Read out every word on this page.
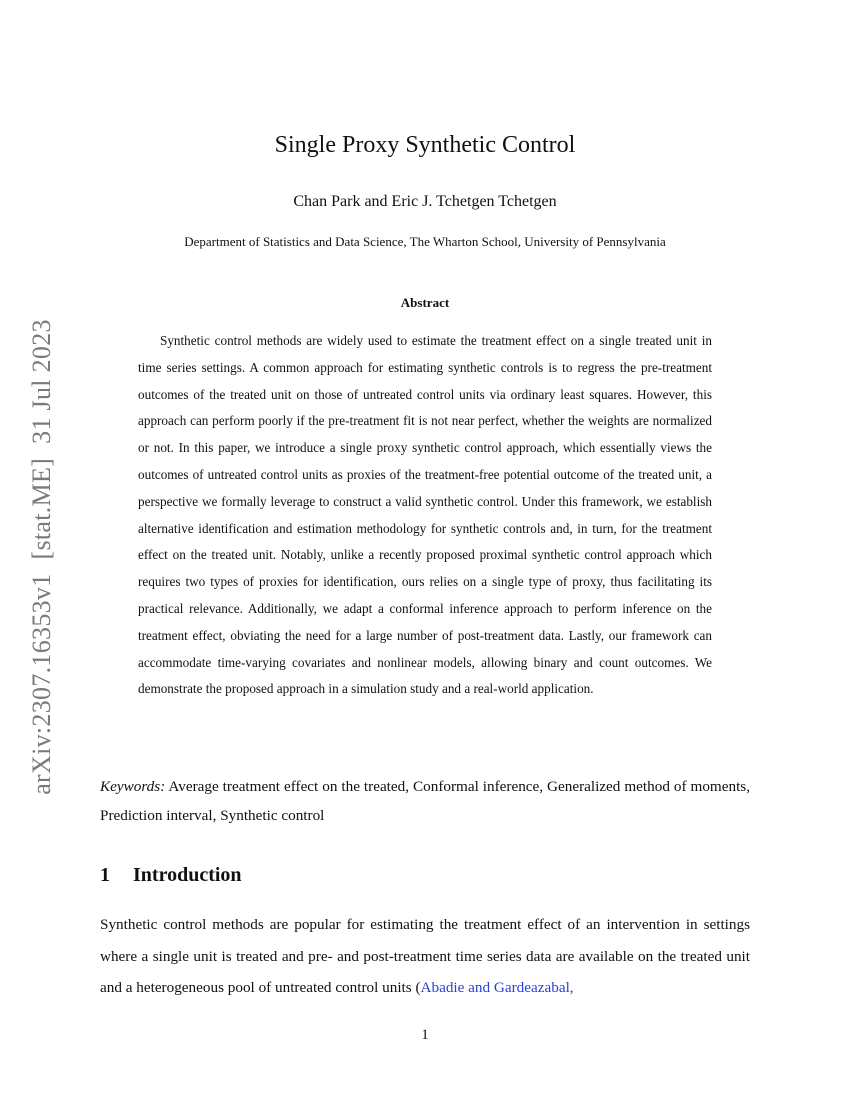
arXiv:2307.16353v1[stat.ME]31 Jul 2023
Single Proxy Synthetic Control
Chan Park and Eric J. Tchetgen Tchetgen
Department of Statistics and Data Science, The Wharton School, University of Pennsylvania
Abstract
Synthetic control methods are widely used to estimate the treatment effect on a single treated unit in time series settings. A common approach for estimating synthetic controls is to regress the pre-treatment outcomes of the treated unit on those of untreated control units via ordinary least squares. However, this approach can perform poorly if the pre-treatment fit is not near perfect, whether the weights are normalized or not. In this paper, we introduce a single proxy synthetic control approach, which essentially views the outcomes of untreated control units as proxies of the treatment-free potential outcome of the treated unit, a perspective we formally leverage to construct a valid synthetic control. Under this framework, we establish alternative identification and estimation methodology for synthetic controls and, in turn, for the treatment effect on the treated unit. Notably, unlike a recently proposed proximal synthetic control approach which requires two types of proxies for identification, ours relies on a single type of proxy, thus facilitating its practical relevance. Additionally, we adapt a conformal inference approach to perform inference on the treatment effect, obviating the need for a large number of post-treatment data. Lastly, our framework can accommodate time-varying covariates and nonlinear models, allowing binary and count outcomes. We demonstrate the proposed approach in a simulation study and a real-world application.
Keywords: Average treatment effect on the treated, Conformal inference, Generalized method of moments, Prediction interval, Synthetic control
1 Introduction
Synthetic control methods are popular for estimating the treatment effect of an intervention in settings where a single unit is treated and pre- and post-treatment time series data are available on the treated unit and a heterogeneous pool of untreated control units (Abadie and Gardeazabal,
1
